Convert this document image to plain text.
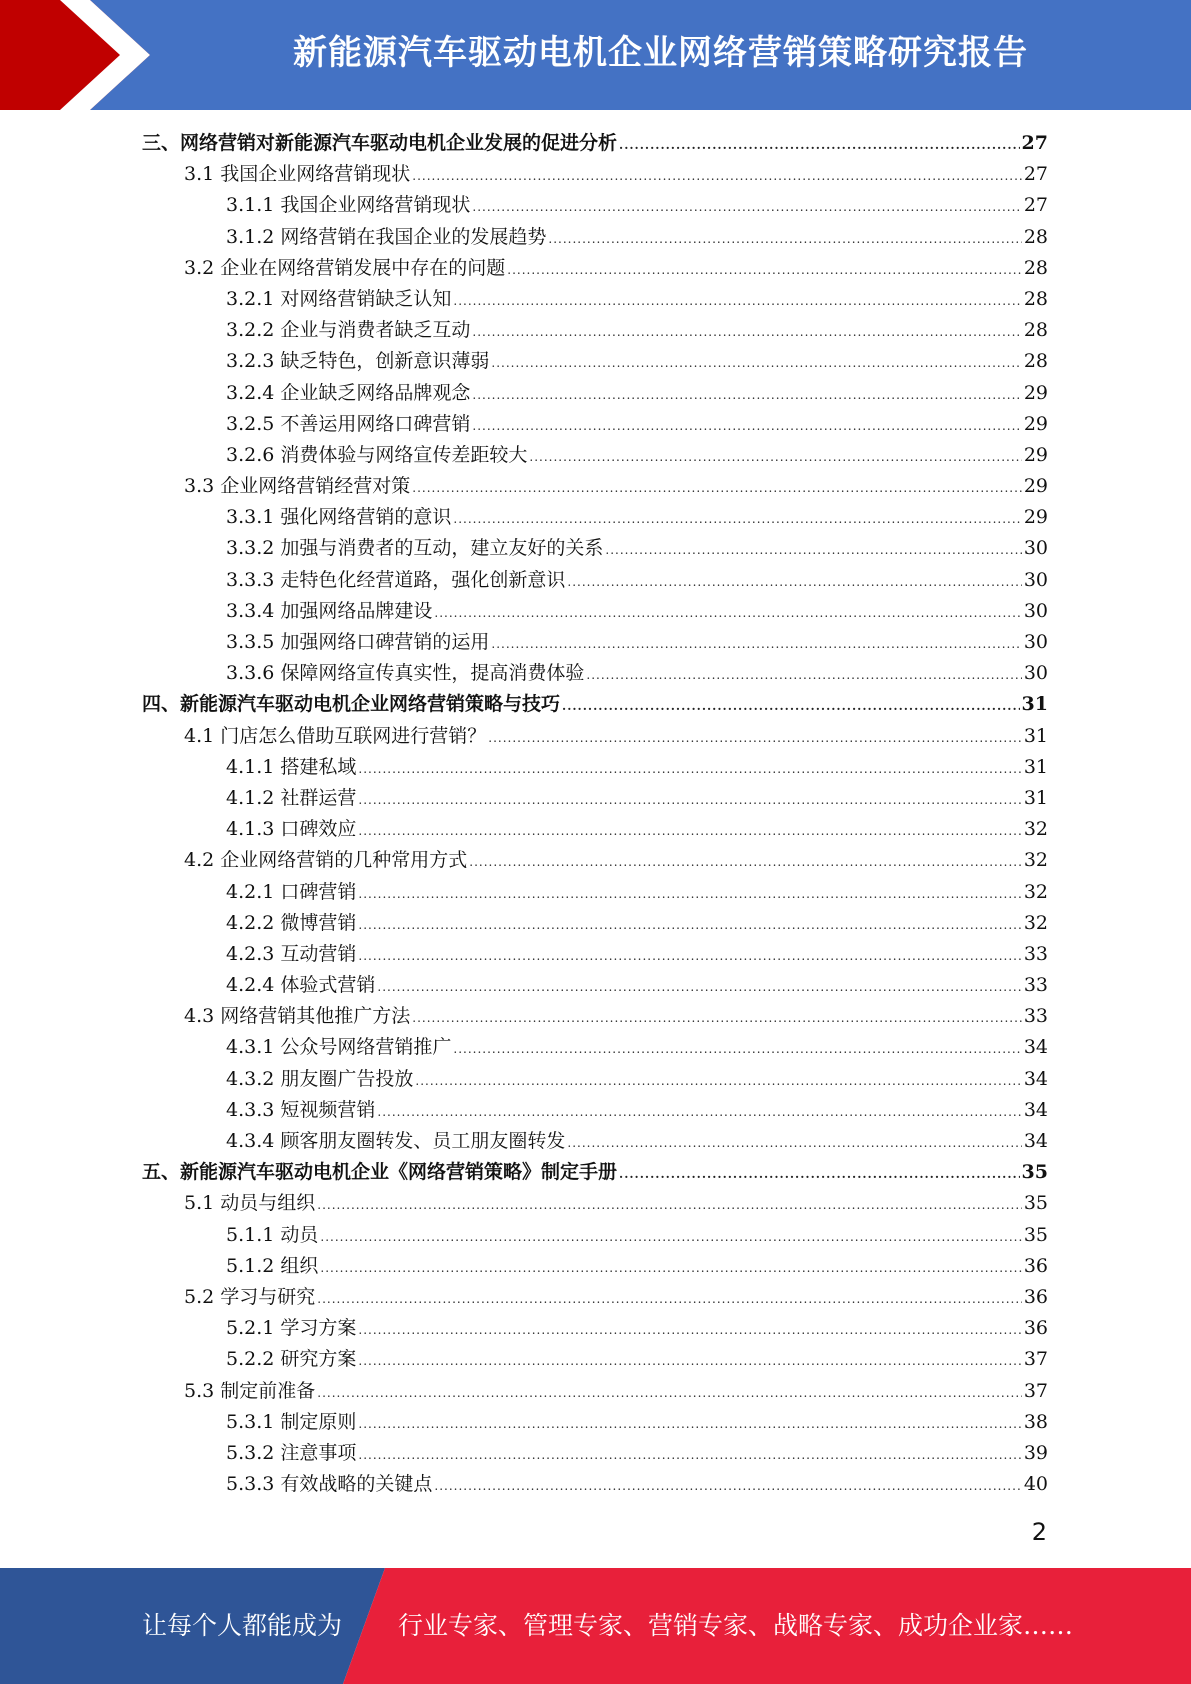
新能源汽车驱动电机企业网络营销策略研究报告
三、网络营销对新能源汽车驱动电机企业发展的促进分析 .....	27
3.1 我国企业网络营销现状 .....	27
3.1.1 我国企业网络营销现状 .....	27
3.1.2 网络营销在我国企业的发展趋势 .....	28
3.2 企业在网络营销发展中存在的问题 .....	28
3.2.1 对网络营销缺乏认知 .....	28
3.2.2 企业与消费者缺乏互动 .....	28
3.2.3 缺乏特色，创新意识薄弱 .....	28
3.2.4 企业缺乏网络品牌观念 .....	29
3.2.5 不善运用网络口碑营销 .....	29
3.2.6 消费体验与网络宣传差距较大 .....	29
3.3 企业网络营销经营对策 .....	29
3.3.1 强化网络营销的意识 .....	29
3.3.2 加强与消费者的互动，建立友好的关系 .....	30
3.3.3 走特色化经营道路，强化创新意识 .....	30
3.3.4 加强网络品牌建设 .....	30
3.3.5 加强网络口碑营销的运用 .....	30
3.3.6 保障网络宣传真实性，提高消费体验 .....	30
四、新能源汽车驱动电机企业网络营销策略与技巧 .....	31
4.1 门店怎么借助互联网进行营销？ .....	31
4.1.1 搭建私域 .....	31
4.1.2 社群运营 .....	31
4.1.3 口碑效应 .....	32
4.2 企业网络营销的几种常用方式 .....	32
4.2.1 口碑营销 .....	32
4.2.2 微博营销 .....	32
4.2.3 互动营销 .....	33
4.2.4 体验式营销 .....	33
4.3 网络营销其他推广方法 .....	33
4.3.1 公众号网络营销推广 .....	34
4.3.2 朋友圈广告投放 .....	34
4.3.3 短视频营销 .....	34
4.3.4 顾客朋友圈转发、员工朋友圈转发 .....	34
五、新能源汽车驱动电机企业《网络营销策略》制定手册 .....	35
5.1 动员与组织 .....	35
5.1.1 动员 .....	35
5.1.2 组织 .....	36
5.2 学习与研究 .....	36
5.2.1 学习方案 .....	36
5.2.2 研究方案 .....	37
5.3 制定前准备 .....	37
5.3.1 制定原则 .....	38
5.3.2 注意事项 .....	39
5.3.3 有效战略的关键点 .....	40
2
让每个人都能成为 行业专家、管理专家、营销专家、战略专家、成功企业家……
